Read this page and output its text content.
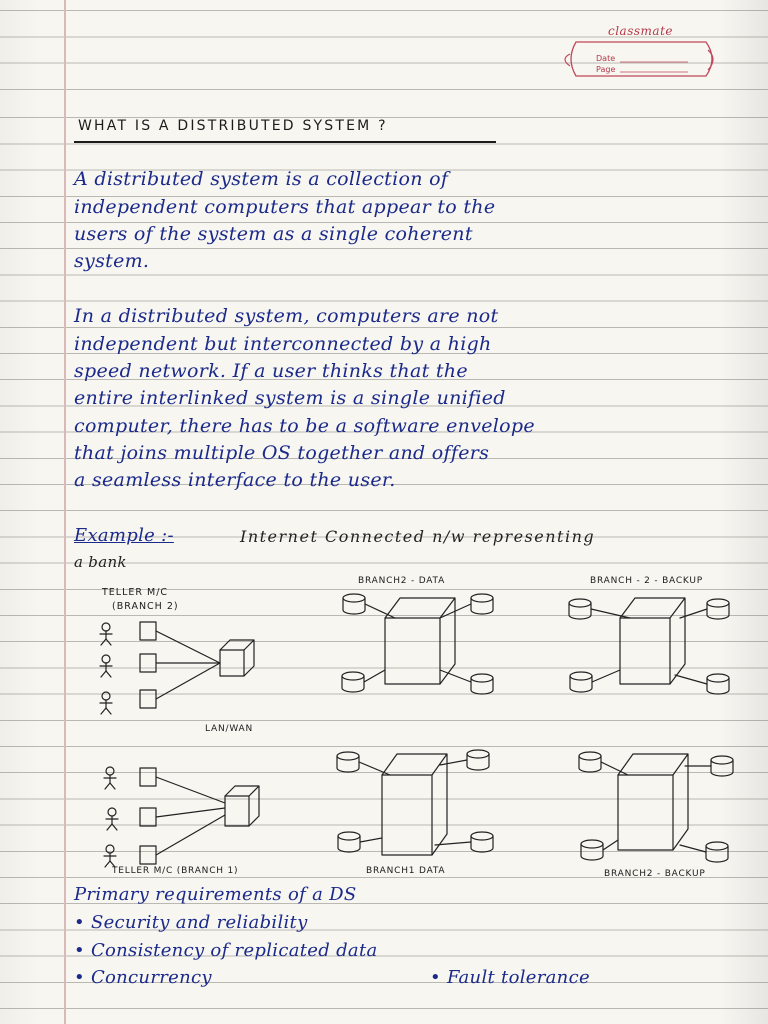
classmate
Date
Page
WHAT IS A DISTRIBUTED SYSTEM ?
A distributed system is a collection of
independent computers that appear to the
users of the system as a single coherent
system.
In a distributed system, computers are not
independent but interconnected by a high
speed network. If a user thinks that the
entire interlinked system is a single unified
computer, there has to be a software envelope
that joins multiple OS together and offers
a seamless interface to the user.
Example :-	Internet Connected n/w representing
a bank
TELLER M/C
(BRANCH 2)
BRANCH2 - DATA	BRANCH - 2 - BACKUP
LAN/WAN
TELLER M/C (BRANCH 1)	BRANCH1 DATA	BRANCH2 - BACKUP
Primary requirements of a DS
• Security and reliability
• Consistency of replicated data
• Concurrency	• Fault tolerance
